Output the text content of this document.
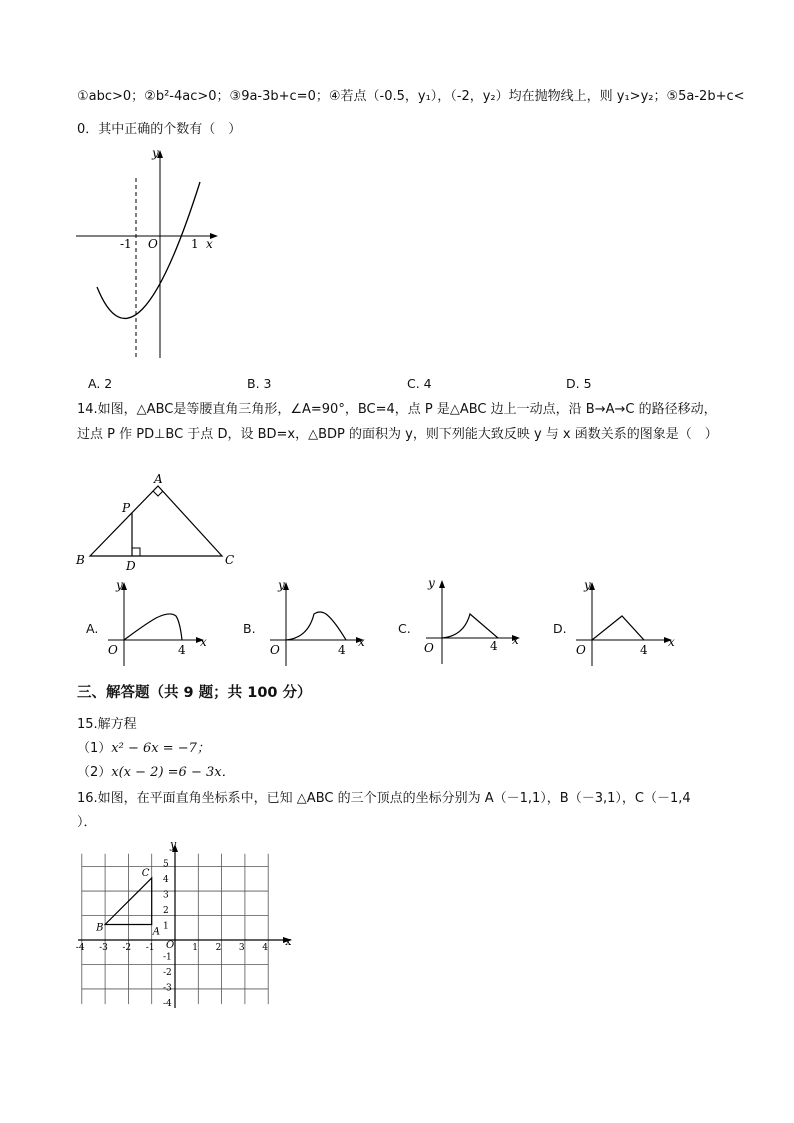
①abc>0；②b²-4ac>0；③9a-3b+c=0；④若点（-0.5，y₁），（-2，y₂）均在抛物线上，则 y₁>y₂；⑤5a-2b+c<
0．其中正确的个数有（　）
y
x
O
-1	1
A. 2	B. 3	C. 4	D. 5
14.如图，△ABC是等腰直角三角形，∠A=90°，BC=4，点 P 是△ABC 边上一动点，沿 B→A→C 的路径移动，
过点 P 作 PD⊥BC 于点 D，设 BD=x，△BDP 的面积为 y，则下列能大致反映 y 与 x 函数关系的图象是（　）
A
B	C
P
D
A.
y
x
O	4
B.
y
x
O	4
C.
y
x
O	4
D.
y
x
O	4
三、解答题（共 9 题；共 100 分）
15.解方程
（1）x² − 6x = −7；
（2）x(x − 2) =6 − 3x．
16.如图，在平面直角坐标系中，已知 △ABC 的三个顶点的坐标分别为 A（－1,1），B（－3,1），C（－1,4
）．
-4 -3 -2 -1	1 2 3 4
5
4
3
2
1
-1
-2
-3
-4
x
y
O
A
B
C
